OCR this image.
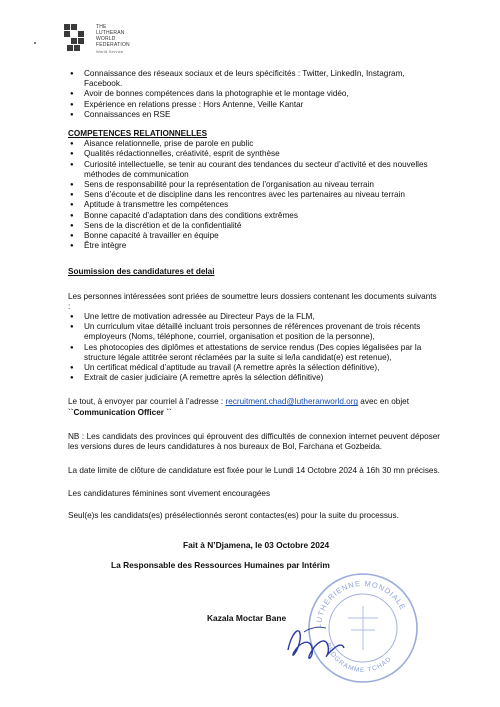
THE
LUTHERAN
WORLD
FEDERATION
World Service
● Connaissance des réseaux sociaux et de leurs spécificités : Twitter, LinkedIn, Instagram, Facebook.
● Avoir de bonnes compétences dans la photographie et le montage vidéo,
● Expérience en relations presse : Hors Antenne, Veille Kantar
● Connaissances en RSE
COMPETENCES RELATIONNELLES
● Aisance relationnelle, prise de parole en public
● Qualités rédactionnelles, créativité, esprit de synthèse
● Curiosité intellectuelle, se tenir au courant des tendances du secteur d’activité et des nouvelles méthodes de communication
● Sens de responsabilité pour la représentation de l’organisation au niveau terrain
● Sens d’écoute et de discipline dans les rencontres avec les partenaires au niveau terrain
● Aptitude à transmettre les compétences
● Bonne capacité d’adaptation dans des conditions extrêmes
● Sens de la discrétion et de la confidentialité
● Bonne capacité à travailler en équipe
● Être intègre
Soumission des candidatures et delai

Les personnes intéressées sont priées de soumettre leurs dossiers contenant les documents suivants :

● Une lettre de motivation adressée au Directeur Pays de la FLM,
● Un curriculum vitae détaillé incluant trois personnes de références provenant de trois récents employeurs (Noms, téléphone, courriel, organisation et position de la personne),
● Les photocopies des diplômes et attestations de service rendus (Des copies légalisées par la structure légale attitrée seront réclamées par la suite si le/la candidat(e) est retenue),
● Un certificat médical d’aptitude au travail (A remettre après la sélection définitive),
● Extrait de casier judiciaire (A remettre après la sélection définitive)

Le tout, à envoyer par courriel à l’adresse : recruitment.chad@lutheranworld.org avec en objet
``Communication Officer ``

NB : Les candidats des provinces qui éprouvent des difficultés de connexion internet peuvent déposer les versions dures de leurs candidatures à nos bureaux de Bol, Farchana et Gozbeida.

La date limite de clôture de candidature est fixée pour le Lundi 14 Octobre 2024 à 16h 30 mn précises.

Les candidatures féminines sont vivement encouragées

Seul(e)s les candidats(es) présélectionnés seront contactes(es) pour la suite du processus.

Fait à N’Djamena, le 03 Octobre 2024
La Responsable des Ressources Humaines par Intérim
Kazala Moctar Bane
LUTHERIENNE MONDIALE
PROGRAMME TCHAD
